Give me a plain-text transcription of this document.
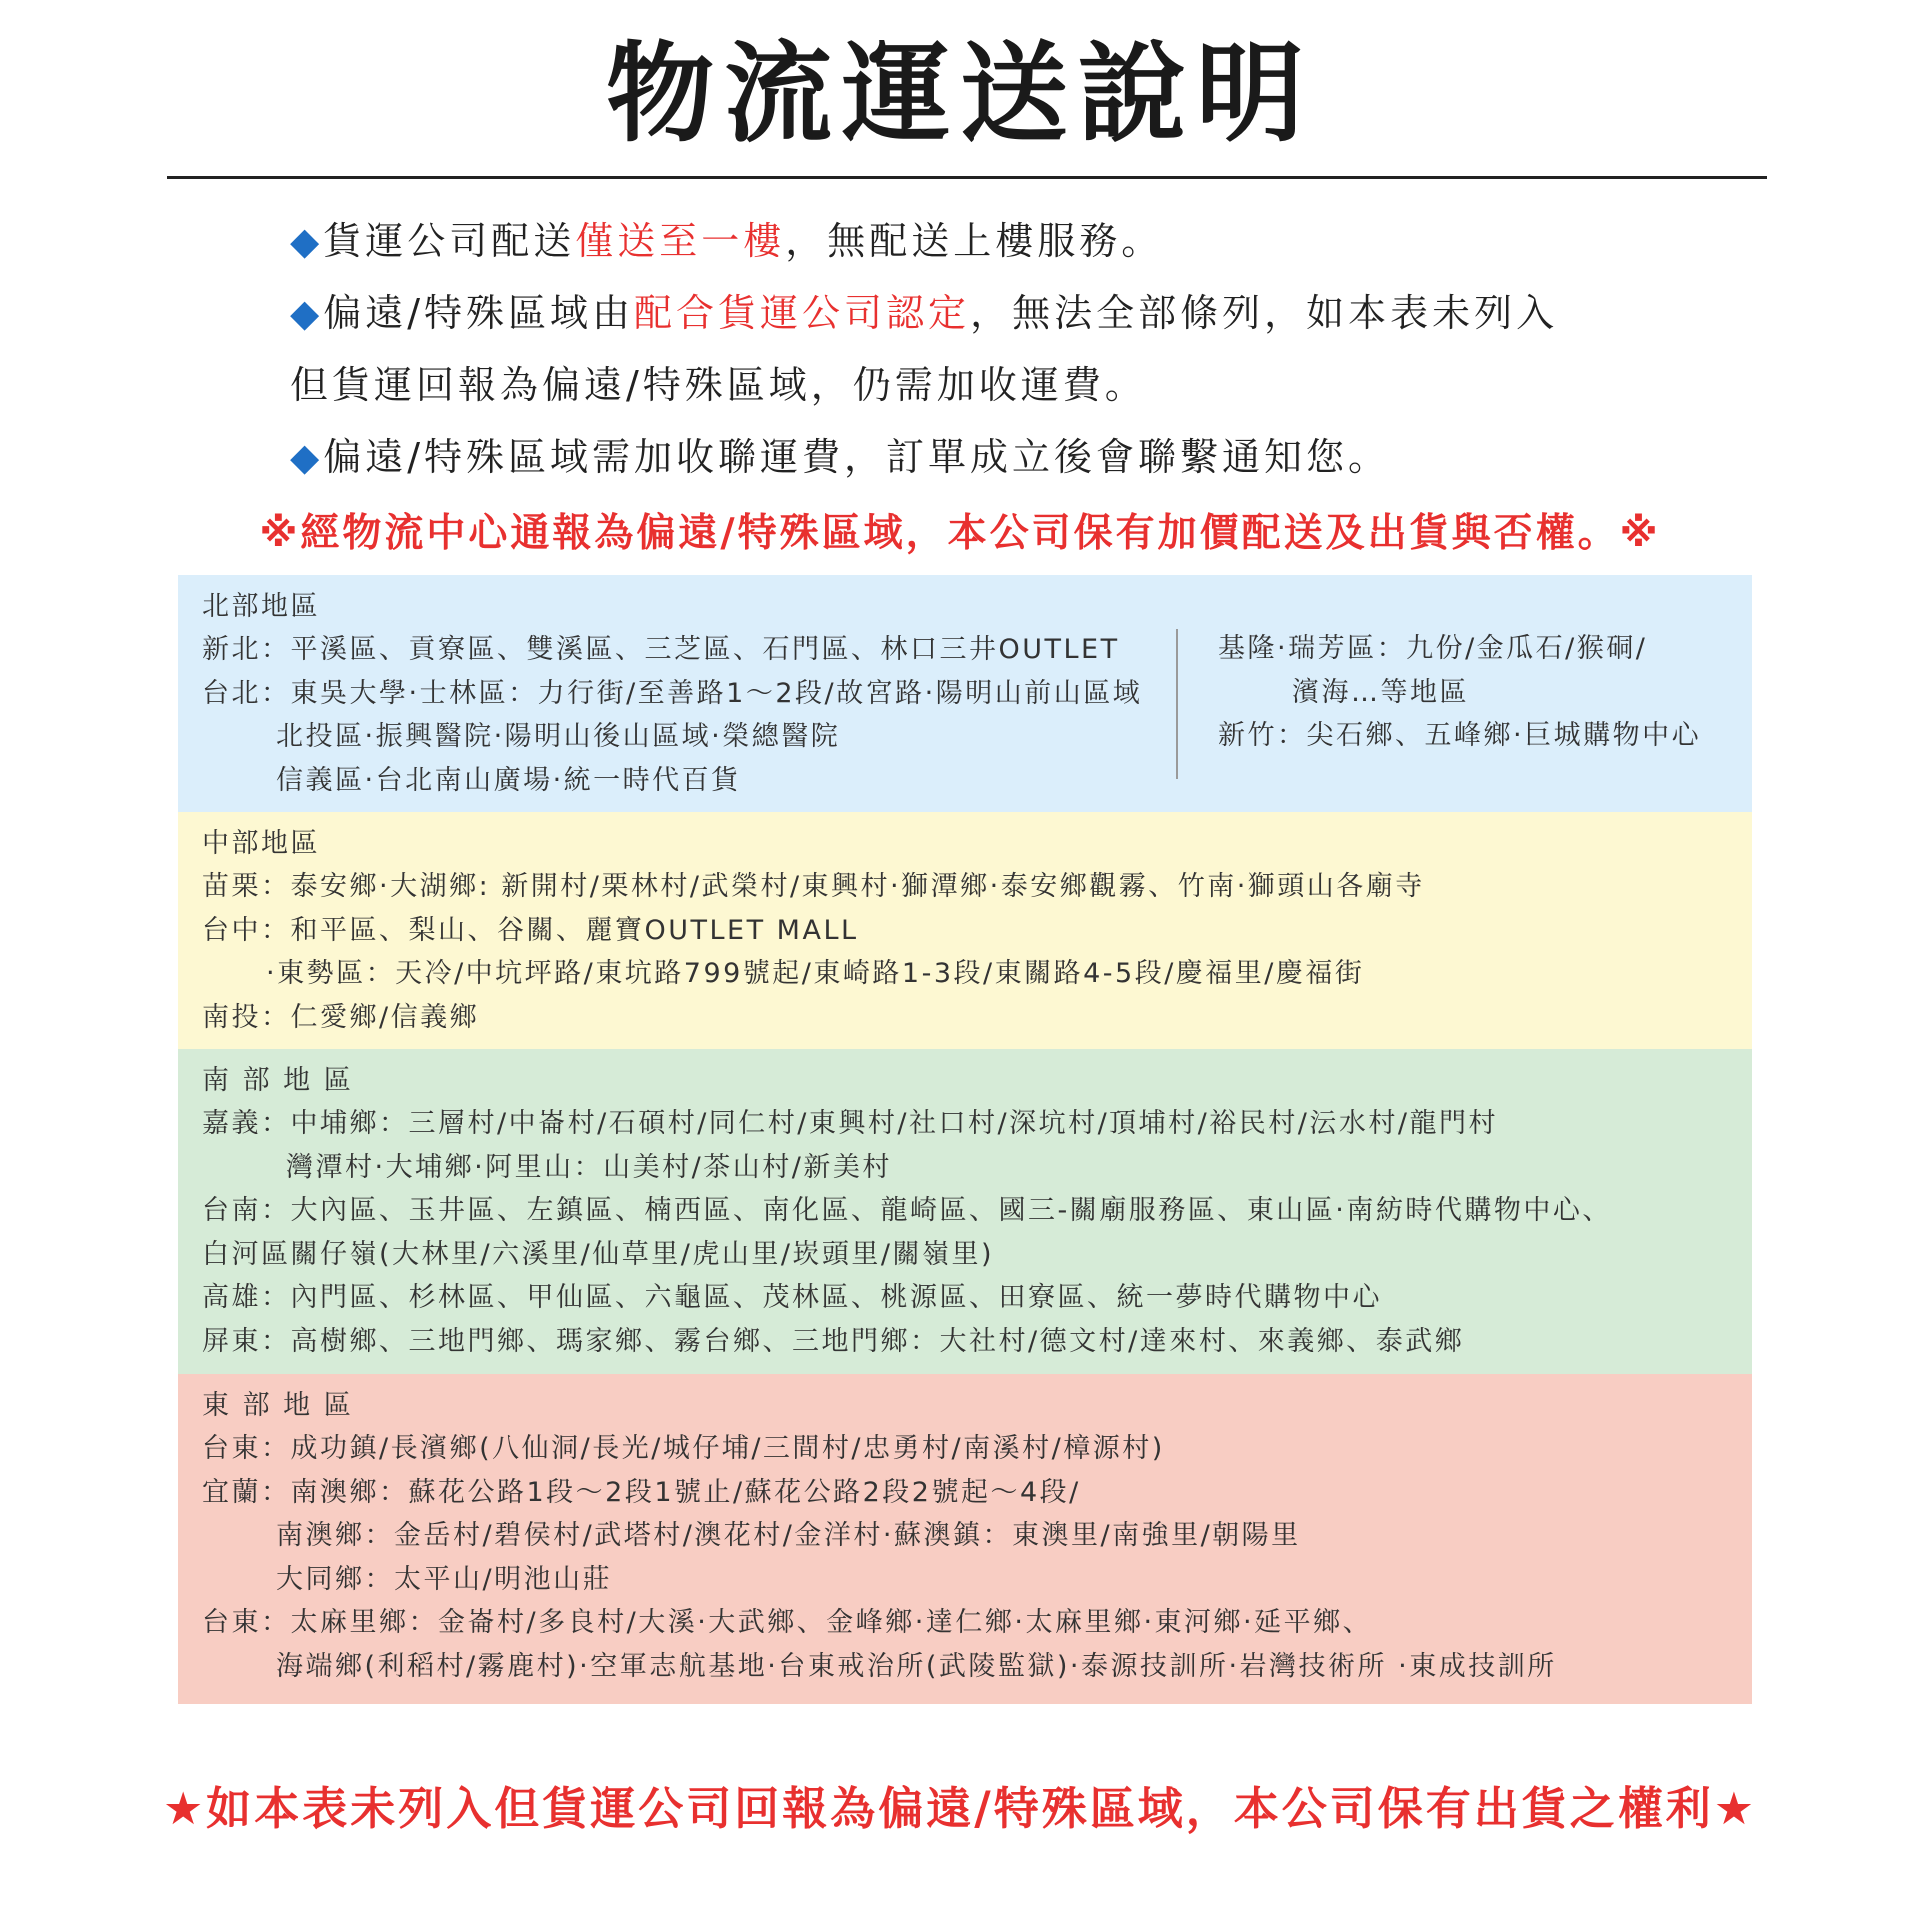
物流運送說明
◆貨運公司配送僅送至一樓，無配送上樓服務。
◆偏遠/特殊區域由配合貨運公司認定，無法全部條列，如本表未列入
但貨運回報為偏遠/特殊區域，仍需加收運費。
◆偏遠/特殊區域需加收聯運費，訂單成立後會聯繫通知您。
※經物流中心通報為偏遠/特殊區域，本公司保有加價配送及出貨與否權。※
北部地區
新北：平溪區、貢寮區、雙溪區、三芝區、石門區、林口三井OUTLET
台北：東吳大學‧士林區：力行街/至善路1～2段/故宮路‧陽明山前山區域
北投區‧振興醫院‧陽明山後山區域‧榮總醫院
信義區‧台北南山廣場‧統一時代百貨
基隆‧瑞芳區：九份/金瓜石/猴硐/
濱海…等地區
新竹：尖石鄉、五峰鄉‧巨城購物中心
中部地區
苗栗：泰安鄉‧大湖鄉: 新開村/栗林村/武榮村/東興村‧獅潭鄉‧泰安鄉觀霧、竹南‧獅頭山各廟寺
台中：和平區、梨山、谷關、麗寶OUTLET MALL
‧東勢區：天冷/中坑坪路/東坑路799號起/東崎路1-3段/東關路4-5段/慶福里/慶福街
南投：仁愛鄉/信義鄉
南 部 地 區
嘉義：中埔鄉：三層村/中崙村/石碩村/同仁村/東興村/社口村/深坑村/頂埔村/裕民村/沄水村/龍門村
灣潭村‧大埔鄉‧阿里山：山美村/茶山村/新美村
台南：大內區、玉井區、左鎮區、楠西區、南化區、龍崎區、國三-關廟服務區、東山區‧南紡時代購物中心、
白河區關仔嶺(大林里/六溪里/仙草里/虎山里/崁頭里/關嶺里)
高雄：內門區、杉林區、甲仙區、六龜區、茂林區、桃源區、田寮區、統一夢時代購物中心
屏東：高樹鄉、三地門鄉、瑪家鄉、霧台鄉、三地門鄉：大社村/德文村/達來村、來義鄉、泰武鄉
東 部 地 區
台東：成功鎮/長濱鄉(八仙洞/長光/城仔埔/三間村/忠勇村/南溪村/樟源村)
宜蘭：南澳鄉：蘇花公路1段～2段1號止/蘇花公路2段2號起～4段/
南澳鄉：金岳村/碧侯村/武塔村/澳花村/金洋村‧蘇澳鎮：東澳里/南強里/朝陽里
大同鄉：太平山/明池山莊
台東：太麻里鄉：金崙村/多良村/大溪‧大武鄉、金峰鄉‧達仁鄉‧太麻里鄉‧東河鄉‧延平鄉、
海端鄉(利稻村/霧鹿村)‧空軍志航基地‧台東戒治所(武陵監獄)‧泰源技訓所‧岩灣技術所 ‧東成技訓所
★如本表未列入但貨運公司回報為偏遠/特殊區域，本公司保有出貨之權利★
